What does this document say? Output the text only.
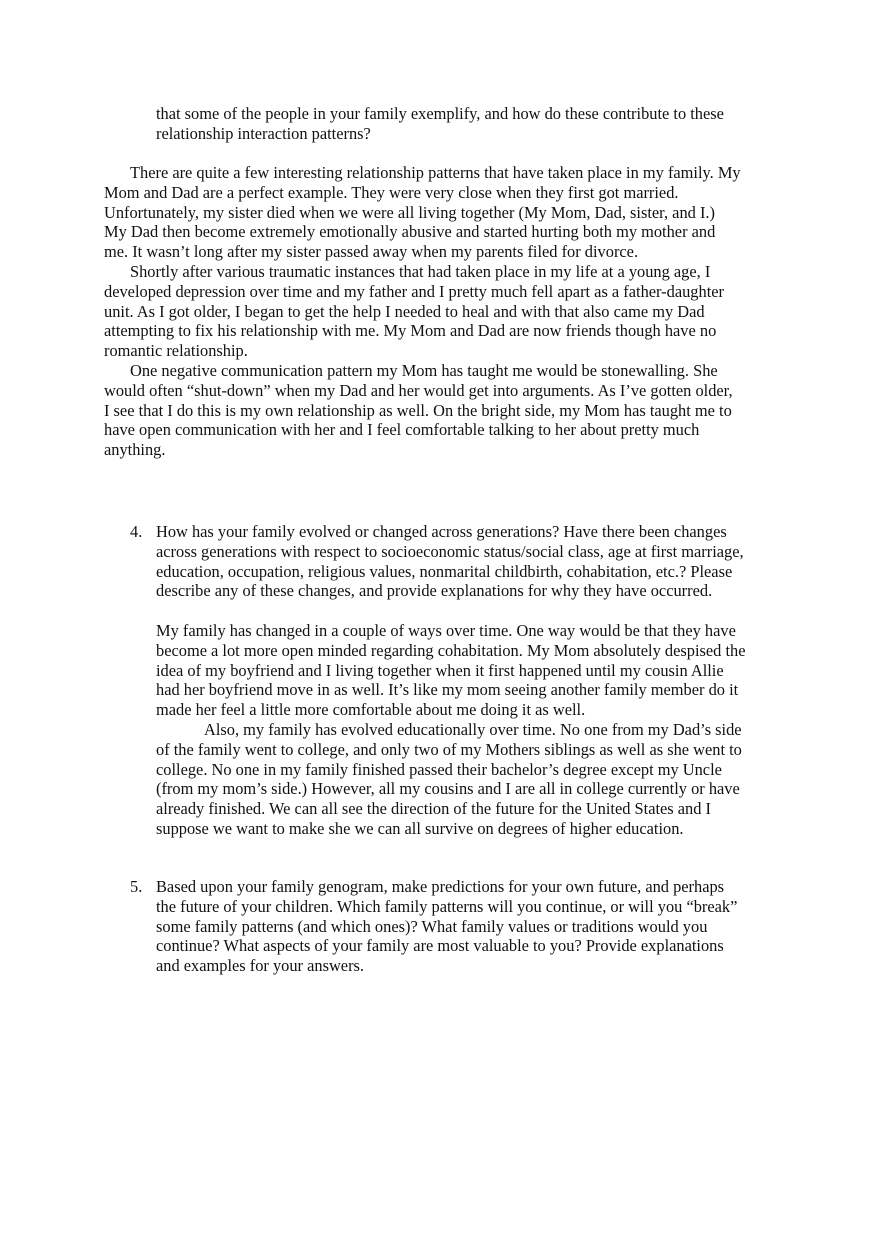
that some of the people in your family exemplify, and how do these contribute to these
relationship interaction patterns?
There are quite a few interesting relationship patterns that have taken place in my family. My
Mom and Dad are a perfect example. They were very close when they first got married.
Unfortunately, my sister died when we were all living together (My Mom, Dad, sister, and I.)
My Dad then become extremely emotionally abusive and started hurting both my mother and
me. It wasn’t long after my sister passed away when my parents filed for divorce.
Shortly after various traumatic instances that had taken place in my life at a young age, I
developed depression over time and my father and I pretty much fell apart as a father-daughter
unit. As I got older, I began to get the help I needed to heal and with that also came my Dad
attempting to fix his relationship with me. My Mom and Dad are now friends though have no
romantic relationship.
One negative communication pattern my Mom has taught me would be stonewalling. She
would often “shut-down” when my Dad and her would get into arguments. As I’ve gotten older,
I see that I do this is my own relationship as well. On the bright side, my Mom has taught me to
have open communication with her and I feel comfortable talking to her about pretty much
anything.
4. How has your family evolved or changed across generations? Have there been changes
across generations with respect to socioeconomic status/social class, age at first marriage,
education, occupation, religious values, nonmarital childbirth, cohabitation, etc.? Please
describe any of these changes, and provide explanations for why they have occurred.
My family has changed in a couple of ways over time. One way would be that they have
become a lot more open minded regarding cohabitation. My Mom absolutely despised the
idea of my boyfriend and I living together when it first happened until my cousin Allie
had her boyfriend move in as well. It’s like my mom seeing another family member do it
made her feel a little more comfortable about me doing it as well.
Also, my family has evolved educationally over time. No one from my Dad’s side
of the family went to college, and only two of my Mothers siblings as well as she went to
college. No one in my family finished passed their bachelor’s degree except my Uncle
(from my mom’s side.) However, all my cousins and I are all in college currently or have
already finished. We can all see the direction of the future for the United States and I
suppose we want to make she we can all survive on degrees of higher education.
5. Based upon your family genogram, make predictions for your own future, and perhaps
the future of your children. Which family patterns will you continue, or will you “break”
some family patterns (and which ones)? What family values or traditions would you
continue? What aspects of your family are most valuable to you? Provide explanations
and examples for your answers.
